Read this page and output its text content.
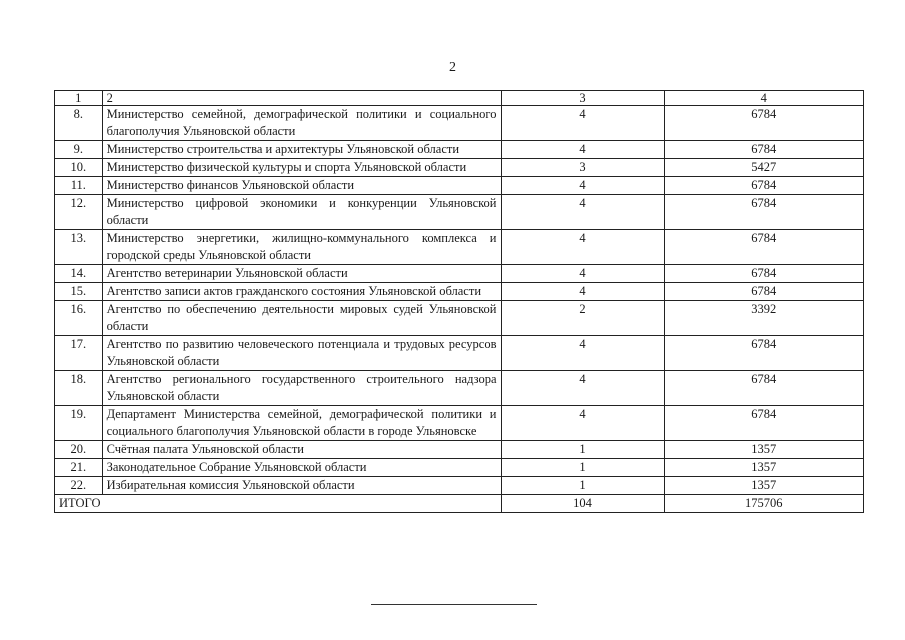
2
1	2	3	4
8.	Министерство семейной, демографической политики и социального благополучия Ульяновской области	4	6784
9.	Министерство строительства и архитектуры Ульяновской области	4	6784
10.	Министерство физической культуры и спорта Ульяновской области	3	5427
11.	Министерство финансов Ульяновской области	4	6784
12.	Министерство цифровой экономики и конкуренции Ульяновской области	4	6784
13.	Министерство энергетики, жилищно-коммунального комплекса и городской среды Ульяновской области	4	6784
14.	Агентство ветеринарии Ульяновской области	4	6784
15.	Агентство записи актов гражданского состояния Ульяновской области	4	6784
16.	Агентство по обеспечению деятельности мировых судей Ульяновской области	2	3392
17.	Агентство по развитию человеческого потенциала и трудовых ресурсов Ульяновской области	4	6784
18.	Агентство регионального государственного строительного надзора Ульяновской области	4	6784
19.	Департамент Министерства семейной, демографической политики и социального благополучия Ульяновской области в городе Ульяновске	4	6784
20.	Счётная палата Ульяновской области	1	1357
21.	Законодательное Собрание Ульяновской области	1	1357
22.	Избирательная комиссия Ульяновской области	1	1357
ИТОГО		104	175706
